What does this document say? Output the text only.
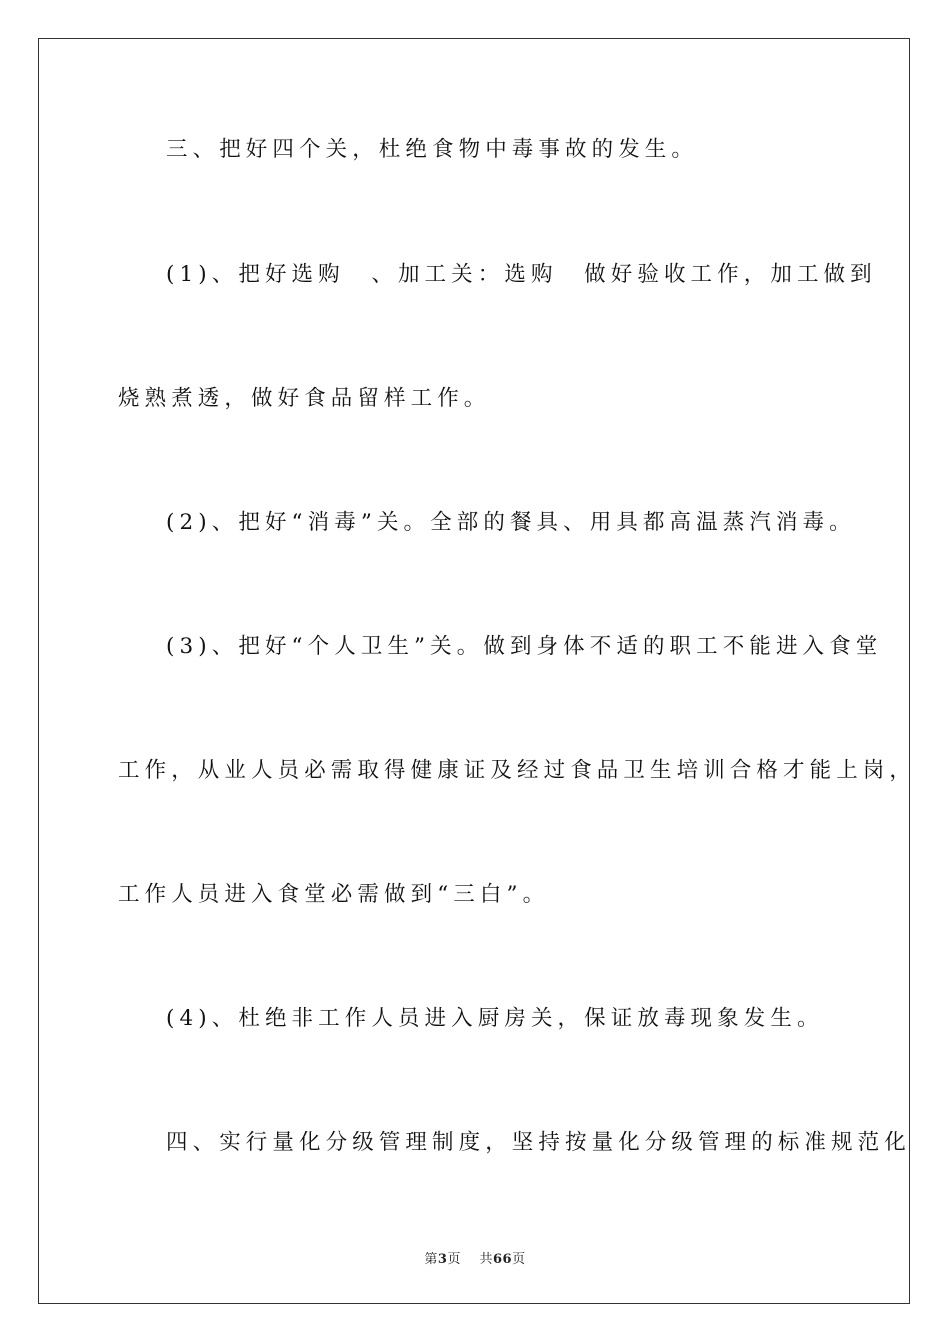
三、把好四个关，杜绝食物中毒事故的发生。
(1)、把好选购　、加工关：选购　做好验收工作，加工做到
烧熟煮透，做好食品留样工作。
(2)、把好“消毒”关。全部的餐具、用具都高温蒸汽消毒。
(3)、把好“个人卫生”关。做到身体不适的职工不能进入食堂
工作，从业人员必需取得健康证及经过食品卫生培训合格才能上岗，
工作人员进入食堂必需做到“三白”。
(4)、杜绝非工作人员进入厨房关，保证放毒现象发生。
四、实行量化分级管理制度，坚持按量化分级管理的标准规范化
第3页 共66页
